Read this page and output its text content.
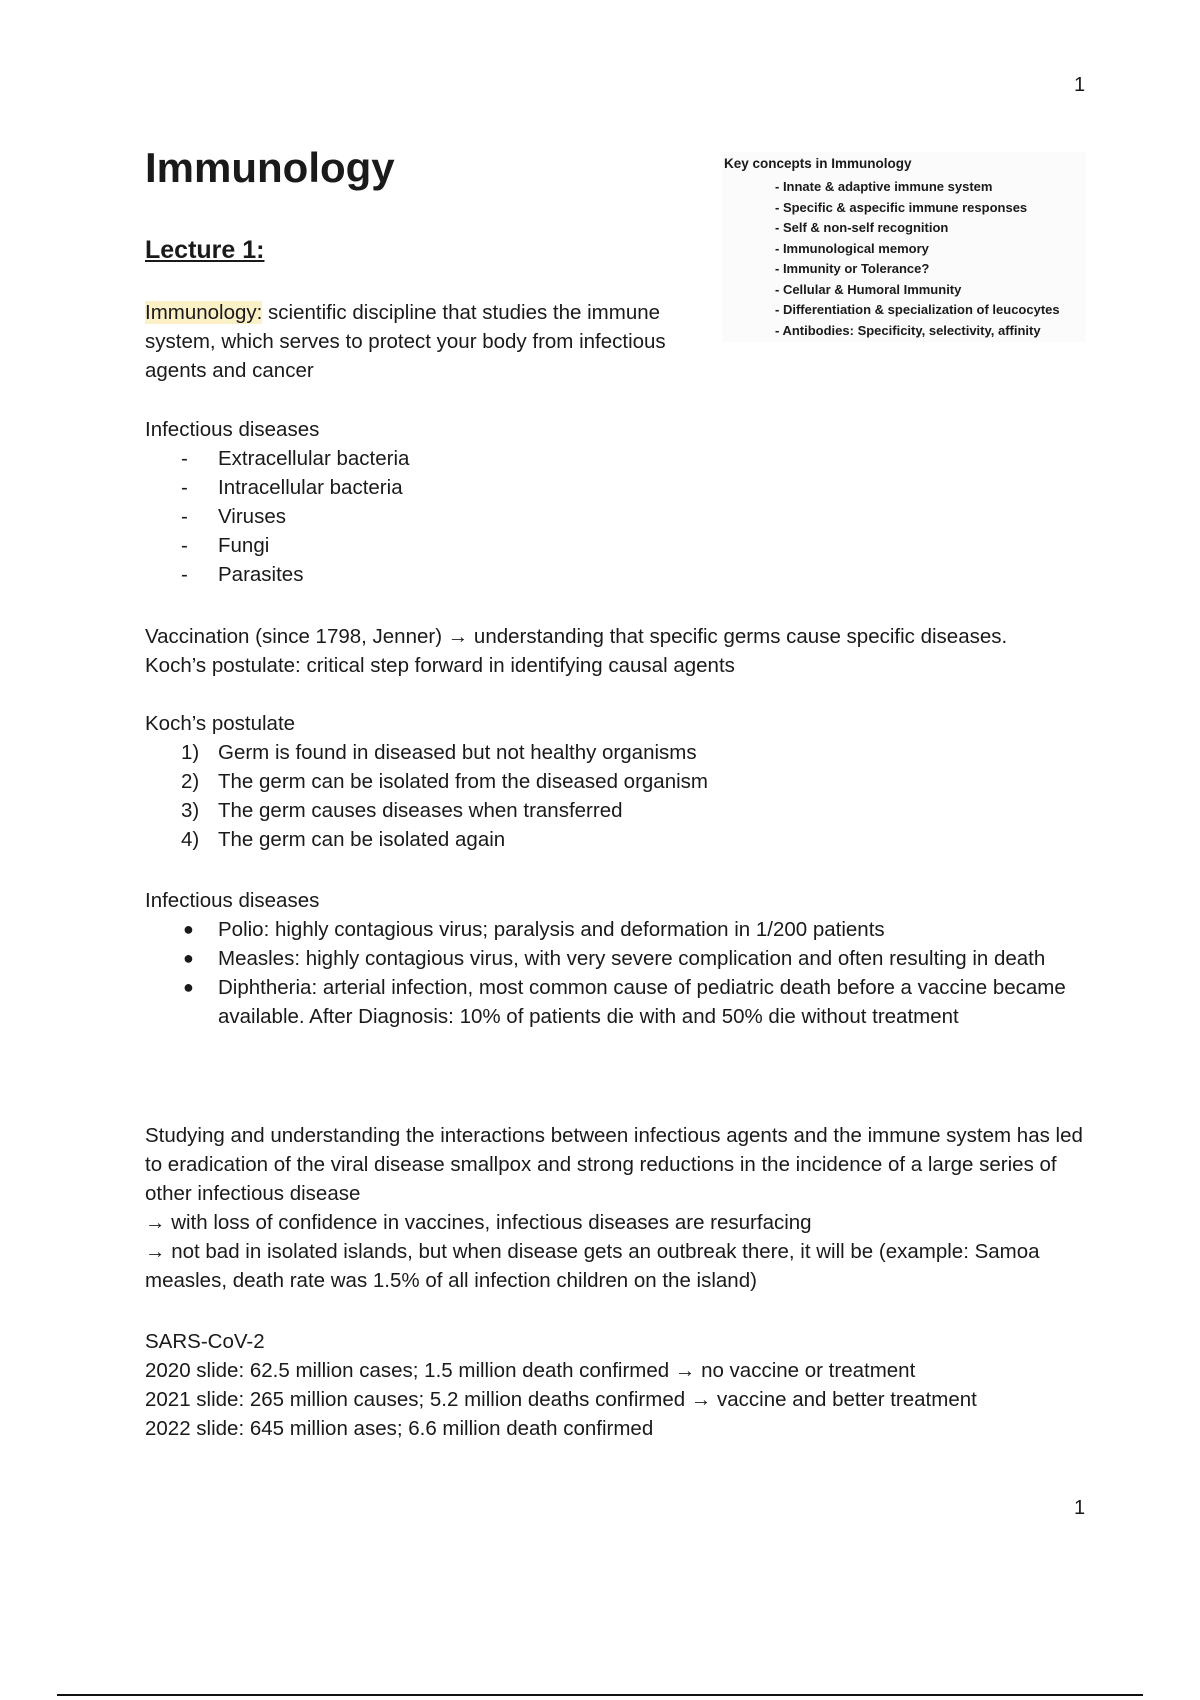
1
Immunology
Lecture 1:
Key concepts in Immunology
- Innate & adaptive immune system
- Specific & aspecific immune responses
- Self & non-self recognition
- Immunological memory
- Immunity or Tolerance?
- Cellular & Humoral Immunity
- Differentiation & specialization of leucocytes
- Antibodies: Specificity, selectivity, affinity

Immunology: scientific discipline that studies the immune system, which serves to protect your body from infectious agents and cancer

Infectious diseases

- Extracellular bacteria
- Intracellular bacteria
- Viruses
- Fungi
- Parasites

Vaccination (since 1798, Jenner) → understanding that specific germs cause specific diseases.

Koch’s postulate: critical step forward in identifying causal agents

Koch’s postulate

1) Germ is found in diseased but not healthy organisms
2) The germ can be isolated from the diseased organism
3) The germ causes diseases when transferred
4) The germ can be isolated again

Infectious diseases

● Polio: highly contagious virus; paralysis and deformation in 1/200 patients
● Measles: highly contagious virus, with very severe complication and often resulting in death
● Diphtheria: arterial infection, most common cause of pediatric death before a vaccine became available. After Diagnosis: 10% of patients die with and 50% die without treatment

Studying and understanding the interactions between infectious agents and the immune system has led to eradication of the viral disease smallpox and strong reductions in the incidence of a large series of other infectious disease

→ with loss of confidence in vaccines, infectious diseases are resurfacing

→ not bad in isolated islands, but when disease gets an outbreak there, it will be (example: Samoa measles, death rate was 1.5% of all infection children on the island)

SARS-CoV-2

2020 slide: 62.5 million cases; 1.5 million death confirmed → no vaccine or treatment

2021 slide: 265 million causes; 5.2 million deaths confirmed → vaccine and better treatment

2022 slide: 645 million ases; 6.6 million death confirmed

1
